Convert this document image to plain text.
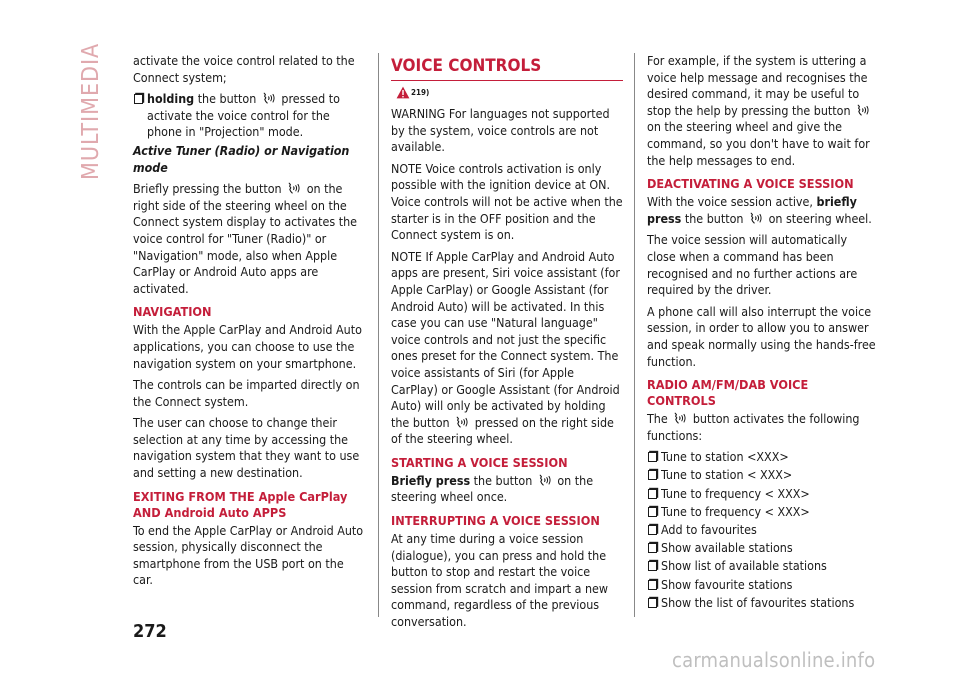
MULTIMEDIA activate the voice control related to the Connect system;

holding the button pressed to activate the voice control for the phone in "Projection" mode.
Active Tuner (Radio) or Navigation mode

Briefly pressing the button on the right side of the steering wheel on the Connect system display to activates the voice control for "Tuner (Radio)" or "Navigation" mode, also when Apple CarPlay or Android Auto apps are activated.

NAVIGATION

With the Apple CarPlay and Android Auto applications, you can choose to use the navigation system on your smartphone.

The controls can be imparted directly on the Connect system.

The user can choose to change their selection at any time by accessing the navigation system that they want to use and setting a new destination.

EXITING FROM THE Apple CarPlay AND Android Auto APPS

To end the Apple CarPlay or Android Auto session, physically disconnect the smartphone from the USB port on the car.

VOICE CONTROLS
219)

WARNING For languages not supported by the system, voice controls are not available.

NOTE Voice controls activation is only possible with the ignition device at ON. Voice controls will not be active when the starter is in the OFF position and the Connect system is on.

NOTE If Apple CarPlay and Android Auto apps are present, Siri voice assistant (for Apple CarPlay) or Google Assistant (for Android Auto) will be activated. In this case you can use "Natural language" voice controls and not just the specific ones preset for the Connect system. The voice assistants of Siri (for Apple CarPlay) or Google Assistant (for Android Auto) will only be activated by holding the button pressed on the right side of the steering wheel.

STARTING A VOICE SESSION

Briefly press the button on the steering wheel once.

INTERRUPTING A VOICE SESSION

At any time during a voice session (dialogue), you can press and hold the button to stop and restart the voice session from scratch and impart a new command, regardless of the previous conversation.

For example, if the system is uttering a voice help message and recognises the desired command, it may be useful to stop the help by pressing the button  on the steering wheel and give the command, so you don't have to wait for the help messages to end.

DEACTIVATING A VOICE SESSION

With the voice session active, briefly press the button on steering wheel.

The voice session will automatically close when a command has been recognised and no further actions are required by the driver.

A phone call will also interrupt the voice session, in order to allow you to answer and speak normally using the hands-free function.

RADIO AM/FM/DAB VOICE CONTROLS

The button activates the following functions:

Tune to station <XXX>
Tune to station < XXX>
Tune to frequency < XXX>
Tune to frequency < XXX>
Add to favourites
Show available stations
Show list of available stations
Show favourite stations
Show the list of favourites stations
272
carmanualsonline.info
